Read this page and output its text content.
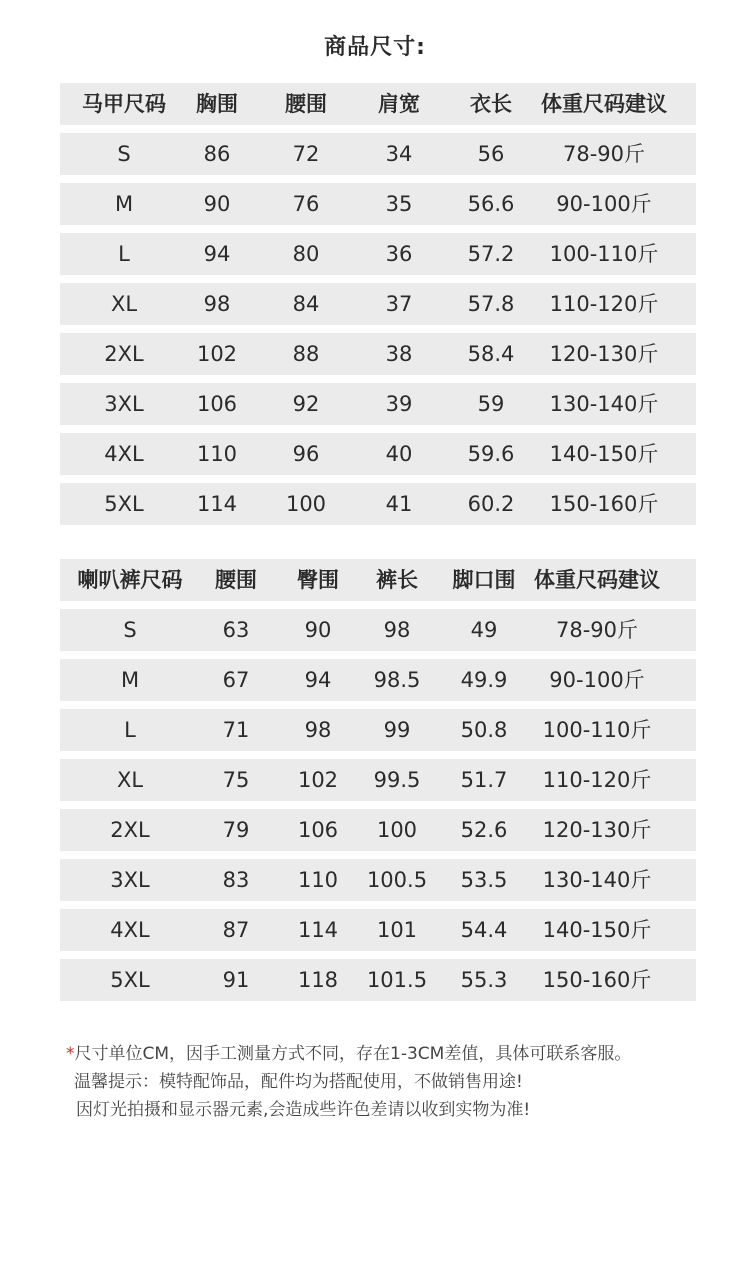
商品尺寸:
马甲尺码 胸围 腰围 肩宽 衣长 体重尺码建议
S	86	72	34	56	78-90斤
M	90	76	35	56.6 90-100斤
L	94	80	36	57.2 100-110斤
XL	98	84	37	57.8 110-120斤
2XL	102	88	38	58.4 120-130斤
3XL	106	92	39	59 130-140斤
4XL	110	96	40	59.6 140-150斤
5XL	114 100	41	60.2 150-160斤
喇叭裤尺码 腰围 臀围 裤长 脚口围 体重尺码建议
S	63	90 98	49	78-90斤
M	67	94 98.5 49.9 90-100斤
L	71	98 99 50.8 100-110斤
XL	75 102 99.5 51.7 110-120斤
2XL	79 106 100 52.6 120-130斤
3XL	83 110 100.5 53.5 130-140斤
4XL	87 114 101 54.4 140-150斤
5XL	91 118 101.5 55.3 150-160斤
*尺寸单位CM，因手工测量方式不同，存在1-3CM差值，具体可联系客服。
温馨提示：模特配饰品，配件均为搭配使用，不做销售用途!
因灯光拍摄和显示器元素,会造成些许色差请以收到实物为准!
